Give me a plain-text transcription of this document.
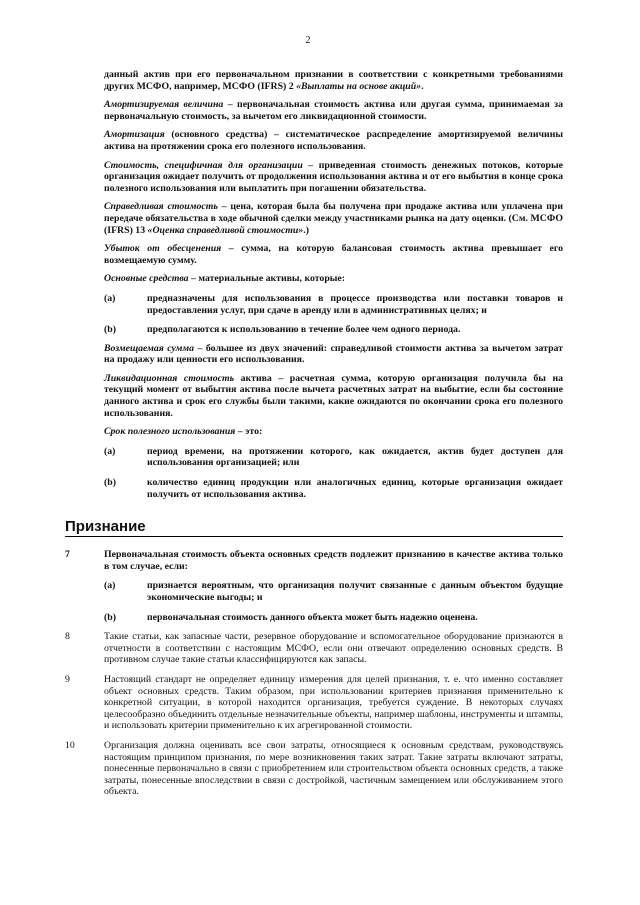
2

данный актив при его первоначальном признании в соответствии с конкретными требованиями других МСФО, например, МСФО (IFRS) 2 «Выплаты на основе акций».

Амортизируемая величина – первоначальная стоимость актива или другая сумма, принимаемая за первоначальную стоимость, за вычетом его ликвидационной стоимости.

Амортизация (основного средства) – систематическое распределение амортизируемой величины актива на протяжении срока его полезного использования.

Стоимость, специфичная для организации – приведенная стоимость денежных потоков, которые организация ожидает получить от продолжения использования актива и от его выбытия в конце срока полезного использования или выплатить при погашении обязательства.

Справедливая стоимость – цена, которая была бы получена при продаже актива или уплачена при передаче обязательства в ходе обычной сделки между участниками рынка на дату оценки. (См. МСФО (IFRS) 13 «Оценка справедливой стоимости».)

Убыток от обесценения – сумма, на которую балансовая стоимость актива превышает его возмещаемую сумму.

Основные средства – материальные активы, которые:

(a)	предназначены для использования в процессе производства или поставки товаров и предоставления услуг, при сдаче в аренду или в административных целях; и
(b)	предполагаются к использованию в течение более чем одного периода.

Возмещаемая сумма – большее из двух значений: справедливой стоимости актива за вычетом затрат на продажу или ценности его использования.

Ликвидационная стоимость актива – расчетная сумма, которую организация получила бы на текущий момент от выбытия актива после вычета расчетных затрат на выбытие, если бы состояние данного актива и срок его службы были такими, какие ожидаются по окончании срока его полезного использования.

Срок полезного использования – это:

(a)	период времени, на протяжении которого, как ожидается, актив будет доступен для использования организацией; или
(b)	количество единиц продукции или аналогичных единиц, которые организация ожидает получить от использования актива.
Признание
7	Первоначальная стоимость объекта основных средств подлежит признанию в качестве актива только в том случае, если:

(a)	признается вероятным, что организация получит связанные с данным объектом будущие экономические выгоды; и
(b)	первоначальная стоимость данного объекта может быть надежно оценена.
8	Такие статьи, как запасные части, резервное оборудование и вспомогательное оборудование признаются в отчетности в соответствии с настоящим МСФО, если они отвечают определению основных средств. В противном случае такие статьи классифицируются как запасы.

9	Настоящий стандарт не определяет единицу измерения для целей признания, т. е. что именно составляет объект основных средств. Таким образом, при использовании критериев признания применительно к конкретной ситуации, в которой находится организация, требуется суждение. В некоторых случаях целесообразно объединить отдельные незначительные объекты, например шаблоны, инструменты и штампы, и использовать критерии применительно к их агрегированной стоимости.

10	Организация должна оценивать все свои затраты, относящиеся к основным средствам, руководствуясь настоящим принципом признания, по мере возникновения таких затрат. Такие затраты включают затраты, понесенные первоначально в связи с приобретением или строительством объекта основных средств, а также затраты, понесенные впоследствии в связи с достройкой, частичным замещением или обслуживанием этого объекта.
